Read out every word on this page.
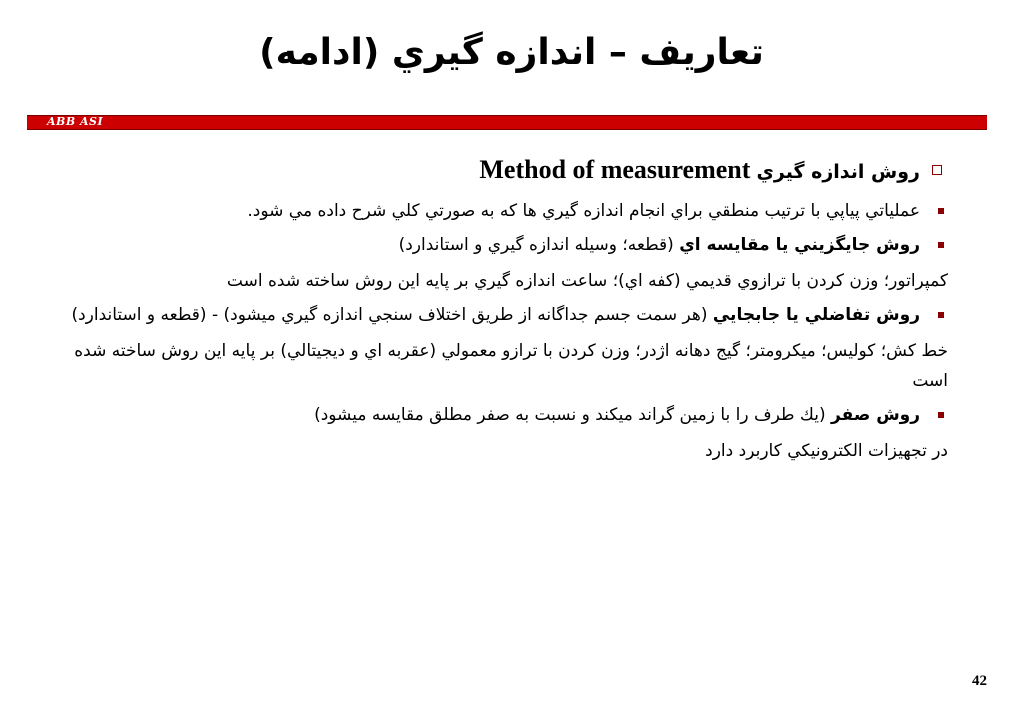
تعاريف – اندازه گيري (ادامه)
ABB ASI
روش اندازه گيري Method of measurement
عملياتي پياپي با ترتيب منطقي براي انجام اندازه گيري ها كه به صورتي كلي شرح داده مي شود.
روش جايگزيني يا مقايسه اي (قطعه؛ وسيله اندازه گيري و استاندارد)
كمپراتور؛ وزن كردن با ترازوي قديمي (كفه اي)؛ ساعت اندازه گيري بر پايه اين روش ساخته شده است
روش تفاضلي يا جابجايي (هر سمت جسم جداگانه از طريق اختلاف سنجي اندازه گيري ميشود) - (قطعه و استاندارد)
خط كش؛ كوليس؛ ميكرومتر؛ گيج دهانه اژدر؛ وزن كردن با ترازو معمولي (عقربه اي و ديجيتالي) بر پايه اين روش ساخته شده است
روش صفر (يك طرف را با زمين گراند ميكند و نسبت به صفر مطلق مقايسه ميشود)
در تجهيزات الكترونيكي كاربرد دارد
42
